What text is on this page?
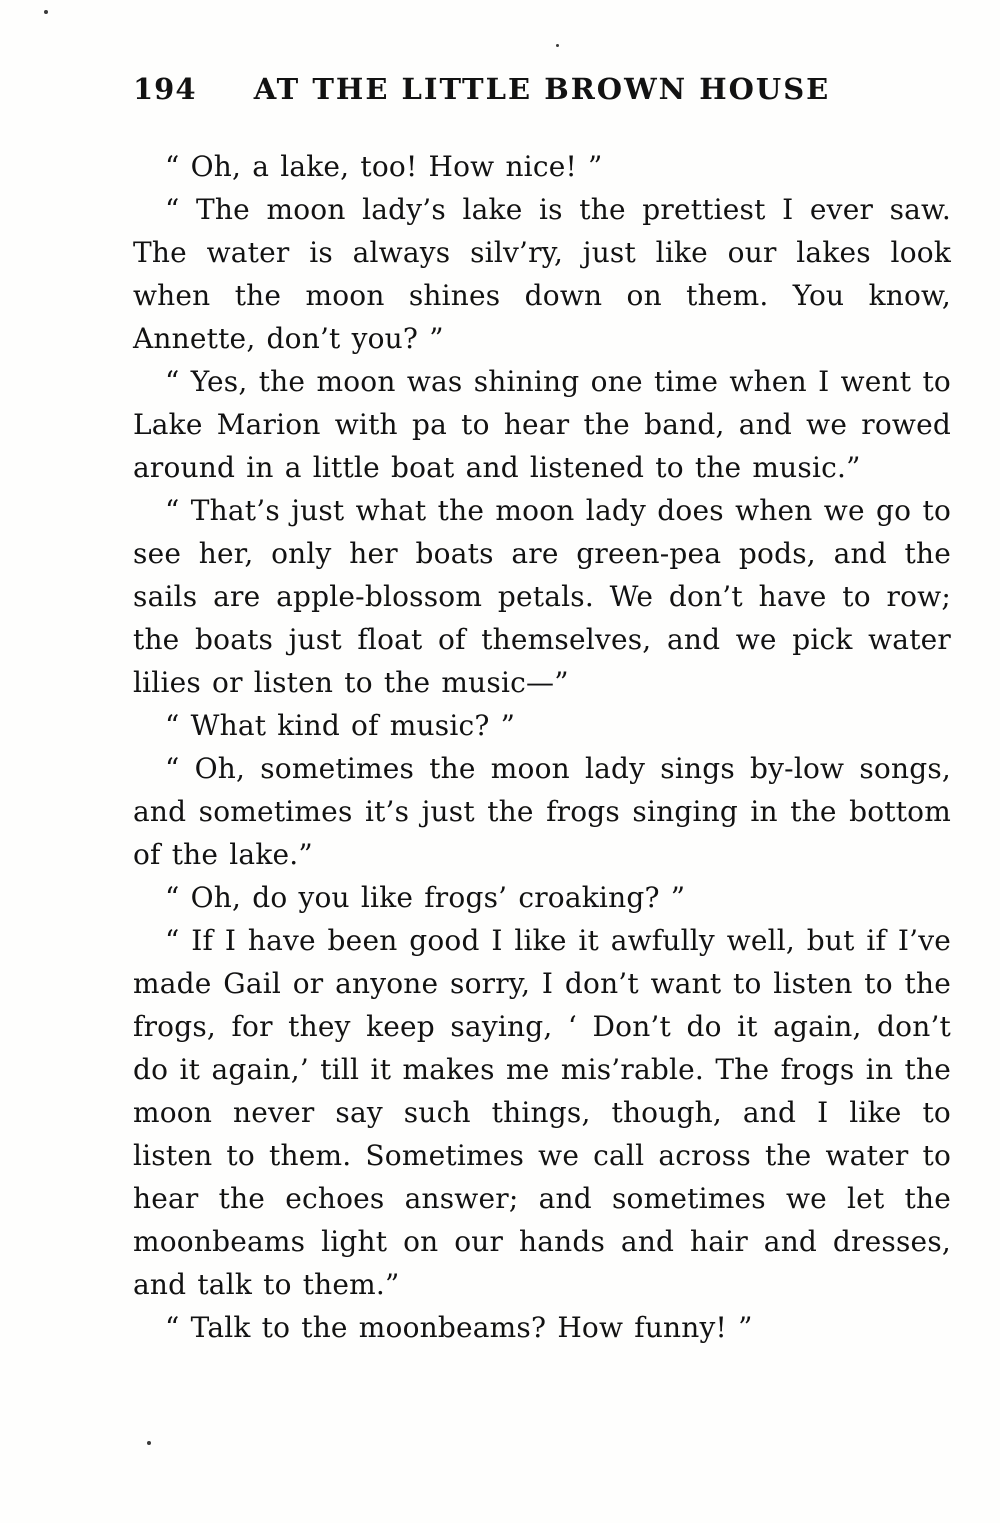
194	AT THE LITTLE BROWN HOUSE

“ Oh, a lake, too! How nice! ”

“ The moon lady’s lake is the prettiest I ever saw. The water is always silv’ry, just like our lakes look when the moon shines down on them. You know, Annette, don’t you? ”

“ Yes, the moon was shining one time when I went to Lake Marion with pa to hear the band, and we rowed around in a little boat and listened to the music.”

“ That’s just what the moon lady does when we go to see her, only her boats are green-pea pods, and the sails are apple-blossom petals. We don’t have to row; the boats just float of themselves, and we pick water lilies or listen to the music—”

“ What kind of music? ”

“ Oh, sometimes the moon lady sings by-low songs, and sometimes it’s just the frogs singing in the bottom of the lake.”

“ Oh, do you like frogs’ croaking? ”

“ If I have been good I like it awfully well, but if I’ve made Gail or anyone sorry, I don’t want to listen to the frogs, for they keep saying, ‘ Don’t do it again, don’t do it again,’ till it makes me mis’rable. The frogs in the moon never say such things, though, and I like to listen to them. Sometimes we call across the water to hear the echoes answer; and sometimes we let the moonbeams light on our hands and hair and dresses, and talk to them.”

“ Talk to the moonbeams? How funny! ”
